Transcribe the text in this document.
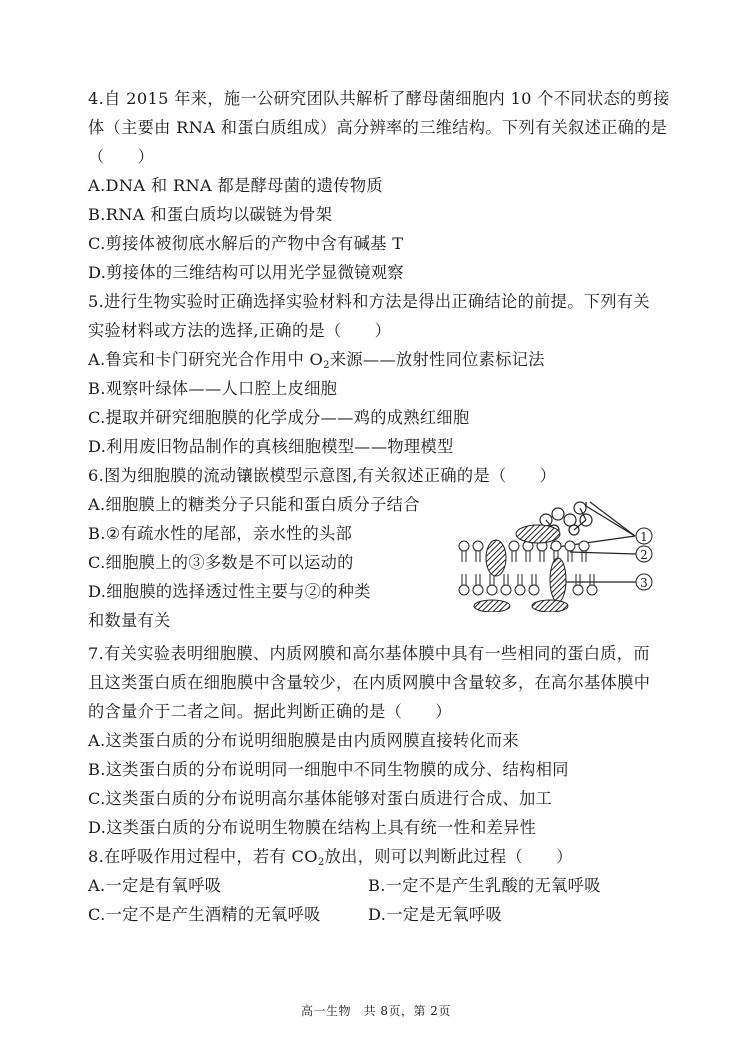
4.自 2015 年来，施一公研究团队共解析了酵母菌细胞内 10 个不同状态的剪接
体（主要由 RNA 和蛋白质组成）高分辨率的三维结构。下列有关叙述正确的是
（　　）
A.DNA 和 RNA 都是酵母菌的遗传物质
B.RNA 和蛋白质均以碳链为骨架
C.剪接体被彻底水解后的产物中含有碱基 T
D.剪接体的三维结构可以用光学显微镜观察
5.进行生物实验时正确选择实验材料和方法是得出正确结论的前提。下列有关
实验材料或方法的选择,正确的是（　　）
A.鲁宾和卡门研究光合作用中 $O_2$来源——放射性同位素标记法
B.观察叶绿体——人口腔上皮细胞
C.提取并研究细胞膜的化学成分——鸡的成熟红细胞
D.利用废旧物品制作的真核细胞模型——物理模型
6.图为细胞膜的流动镶嵌模型示意图,有关叙述正确的是（　　）
A.细胞膜上的糖类分子只能和蛋白质分子结合
B.②有疏水性的尾部，亲水性的头部
C.细胞膜上的③多数是不可以运动的
D.细胞膜的选择透过性主要与②的种类
和数量有关
1
2
3
7.有关实验表明细胞膜、内质网膜和高尔基体膜中具有一些相同的蛋白质，而
且这类蛋白质在细胞膜中含量较少，在内质网膜中含量较多，在高尔基体膜中
的含量介于二者之间。据此判断正确的是（　　）
A.这类蛋白质的分布说明细胞膜是由内质网膜直接转化而来
B.这类蛋白质的分布说明同一细胞中不同生物膜的成分、结构相同
C.这类蛋白质的分布说明高尔基体能够对蛋白质进行合成、加工
D.这类蛋白质的分布说明生物膜在结构上具有统一性和差异性
8.在呼吸作用过程中，若有 $CO_2$放出，则可以判断此过程（　　）
A.一定是有氧呼吸	B.一定不是产生乳酸的无氧呼吸
C.一定不是产生酒精的无氧呼吸	D.一定是无氧呼吸
高一生物　共 8页，第 2页
